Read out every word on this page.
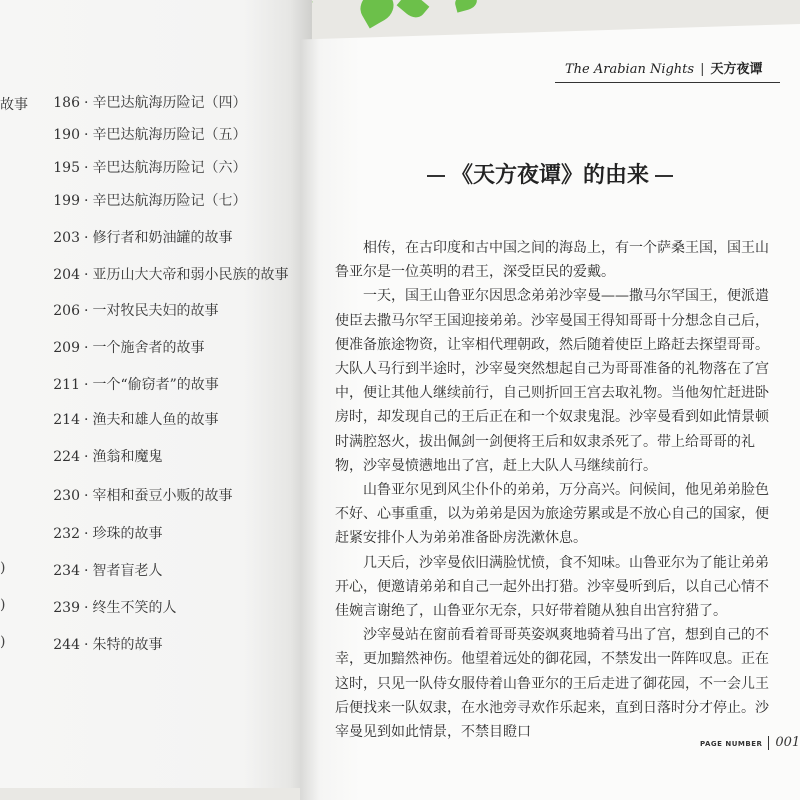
故事 186 · 辛巴达航海历险记（四）
190 · 辛巴达航海历险记（五）
195 · 辛巴达航海历险记（六）
199 · 辛巴达航海历险记（七）
203 · 修行者和奶油罐的故事
204 · 亚历山大大帝和弱小民族的故事
206 · 一对牧民夫妇的故事
209 · 一个施舍者的故事
211 · 一个“偷窃者”的故事
214 · 渔夫和雄人鱼的故事
224 · 渔翁和魔鬼
230 · 宰相和蚕豆小贩的故事
232 · 珍珠的故事
234 · 智者盲老人
239 · 终生不笑的人
244 · 朱特的故事
)
)
)
The Arabian Nights | 天方夜谭
《天方夜谭》的由来

相传，在古印度和古中国之间的海岛上，有一个萨桑王国，国王山鲁亚尔是一位英明的君王，深受臣民的爱戴。

一天，国王山鲁亚尔因思念弟弟沙宰曼——撒马尔罕国王，便派遣使臣去撒马尔罕王国迎接弟弟。沙宰曼国王得知哥哥十分想念自己后，便准备旅途物资，让宰相代理朝政，然后随着使臣上路赶去探望哥哥。大队人马行到半途时，沙宰曼突然想起自己为哥哥准备的礼物落在了宫中，便让其他人继续前行，自己则折回王宫去取礼物。当他匆忙赶进卧房时，却发现自己的王后正在和一个奴隶鬼混。沙宰曼看到如此情景顿时满腔怒火，拔出佩剑一剑便将王后和奴隶杀死了。带上给哥哥的礼物，沙宰曼愤懑地出了宫，赶上大队人马继续前行。

山鲁亚尔见到风尘仆仆的弟弟，万分高兴。问候间，他见弟弟脸色不好、心事重重，以为弟弟是因为旅途劳累或是不放心自己的国家，便赶紧安排仆人为弟弟准备卧房洗漱休息。

几天后，沙宰曼依旧满脸忧愤，食不知味。山鲁亚尔为了能让弟弟开心，便邀请弟弟和自己一起外出打猎。沙宰曼听到后，以自己心情不佳婉言谢绝了，山鲁亚尔无奈，只好带着随从独自出宫狩猎了。

沙宰曼站在窗前看着哥哥英姿飒爽地骑着马出了宫，想到自己的不幸，更加黯然神伤。他望着远处的御花园，不禁发出一阵阵叹息。正在这时，只见一队侍女服侍着山鲁亚尔的王后走进了御花园，不一会儿王后便找来一队奴隶，在水池旁寻欢作乐起来，直到日落时分才停止。沙宰曼见到如此情景，不禁目瞪口

PAGE NUMBER 001
